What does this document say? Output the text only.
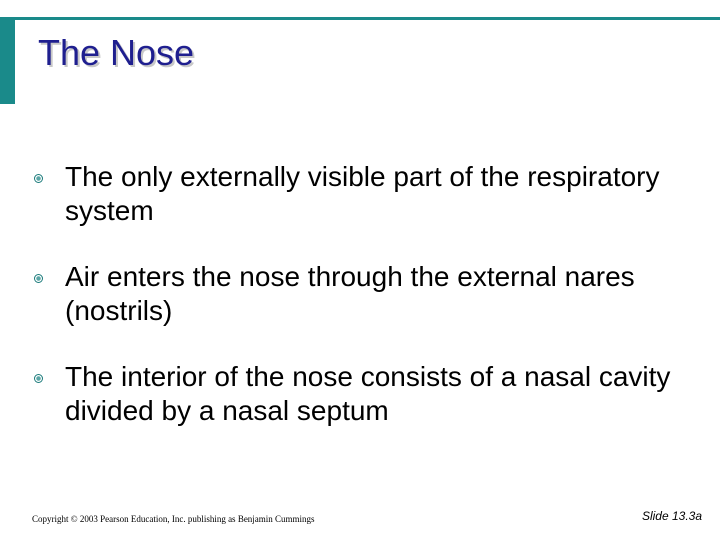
The Nose
The only externally visible part of the respiratory system
Air enters the nose through the external nares (nostrils)
The interior of the nose consists of a nasal cavity divided by a nasal septum
Copyright © 2003 Pearson Education, Inc. publishing as Benjamin Cummings	Slide 13.3a
